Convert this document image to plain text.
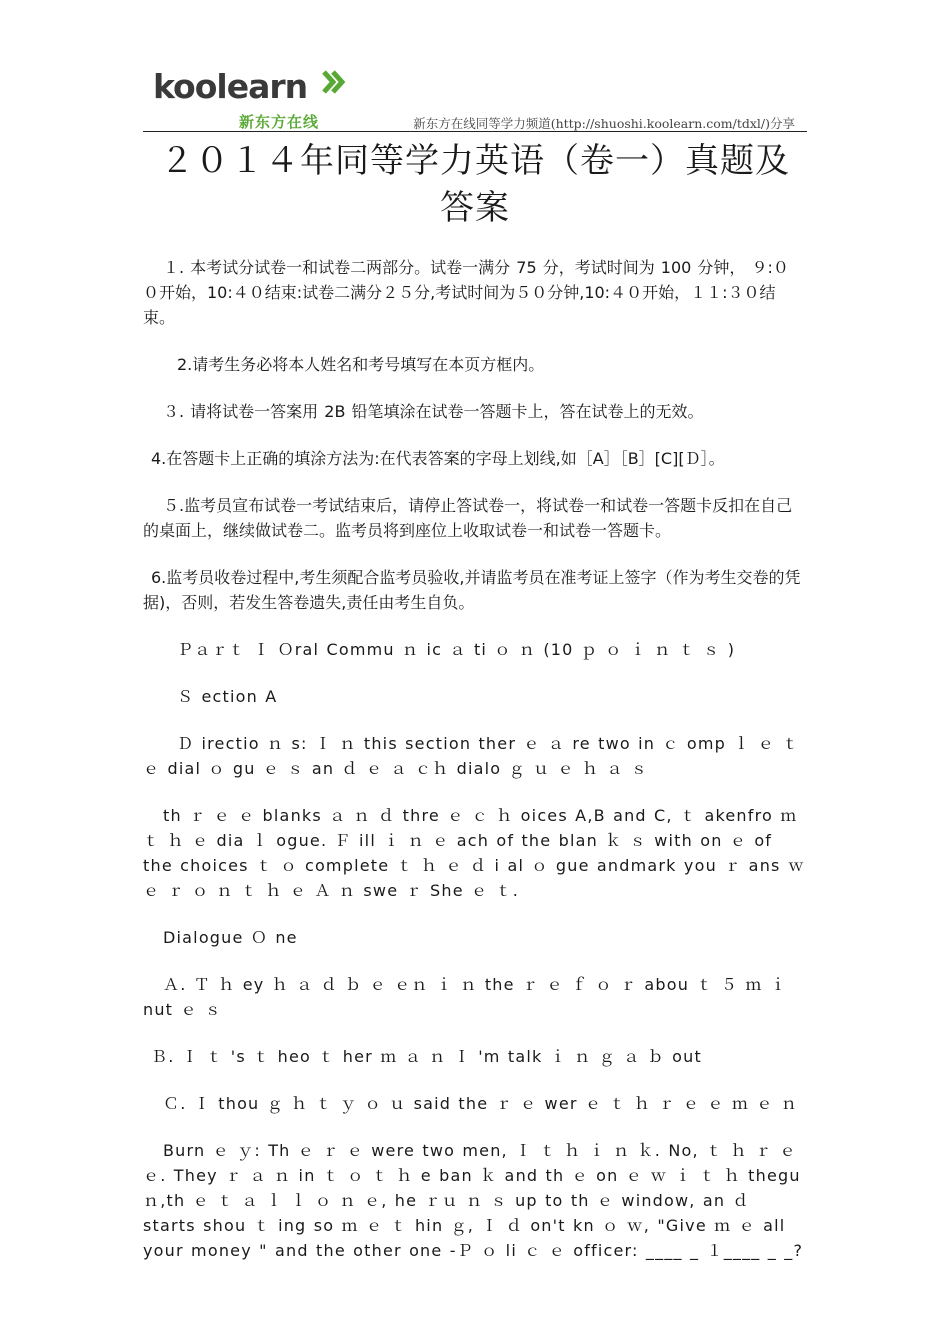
koolearn
新东方在线	新东方在线同等学力频道(http://shuoshi.koolearn.com/tdxl/)分享
２０１４年同等学力英语（卷一）真题及答案

１. 本考试分试卷一和试卷二两部分。试卷一满分 75 分，考试时间为 100 分钟， ９:０ ０开始，10:４０结束:试卷二满分２５分,考试时间为５０分钟,10:４０开始，１１:３０结束。

2.请考生务必将本人姓名和考号填写在本页方框内。

３. 请将试卷一答案用 2B 铅笔填涂在试卷一答题卡上，答在试卷上的无效。

4.在答题卡上正确的填涂方法为:在代表答案的字母上划线,如［A］［B］[C][Ｄ］。

５.监考员宣布试卷一考试结束后，请停止答试卷一，将试卷一和试卷一答题卡反扣在自己的桌面上，继续做试卷二。监考员将到座位上收取试卷一和试卷一答题卡。

6.监考员收卷过程中,考生须配合监考员验收,并请监考员在准考证上签字（作为考生交卷的凭据)，否则，若发生答卷遗失,责任由考生自负。

Ｐａｒｔ Ｉ Ｏral Commu ｎ ic ａ ti ｏ ｎ (10 ｐ ｏ ｉ ｎ ｔ ｓ )

Ｓ ection A

Ｄ irectio ｎ s: Ｉ ｎ this section ther ｅ ａ re two in ｃ omp ｌ ｅ ｔ ｅ dial ｏ gu ｅ ｓ an ｄ ｅ ａ ｃｈ dialo ｇ ｕ ｅ ｈ ａ ｓ

th ｒ ｅ ｅ blanks ａ ｎ ｄ thre ｅ ｃ ｈ oices A,B and C, ｔ akenfro ｍ ｔ ｈ ｅ dia ｌ ogue. Ｆ ill ｉ ｎ ｅ ach of the blan ｋ ｓ with on ｅ of the choices ｔ ｏ complete ｔ ｈ ｅ ｄ i al ｏ gue andmark you ｒ ans ｗ ｅ ｒ ｏ ｎ ｔ ｈ ｅ Ａ ｎ swe ｒ She ｅ ｔ.

Dialogue Ｏ ne

Ａ. Ｔ ｈ ey ｈ ａ ｄ ｂ ｅ ｅｎ ｉ ｎ the ｒ ｅ ｆ ｏ ｒ abou ｔ ５ ｍ ｉ nut ｅ ｓ

Ｂ. Ｉ ｔ 's ｔ heo ｔ her ｍ ａ ｎ Ｉ 'm talk ｉ ｎ ｇ ａ ｂ out

Ｃ. Ｉ thou ｇ ｈ ｔ ｙ ｏ ｕ said the ｒ ｅ wer ｅ ｔ ｈ ｒ ｅ ｅ ｍ ｅ ｎ

Burn ｅ ｙ: Th ｅ ｒ ｅ were two men, Ｉ ｔ ｈ ｉ ｎ ｋ. No, ｔ ｈ ｒ ｅ ｅ. They ｒ ａ ｎ in ｔ ｏ ｔ ｈ e ban ｋ and th ｅ on ｅ ｗ ｉ ｔ ｈ thegu ｎ,th ｅ ｔ ａ ｌ ｌ ｏ ｎ ｅ, he ｒｕ ｎ ｓ up to th ｅ window, an ｄ starts shou ｔ ing so ｍ ｅ ｔ hin ｇ, Ｉ ｄ on't kn ｏ ｗ, "Give ｍ ｅ all your money " and the other one -Ｐ ｏ li ｃ ｅ officer: ____ _ １____ _ _?
